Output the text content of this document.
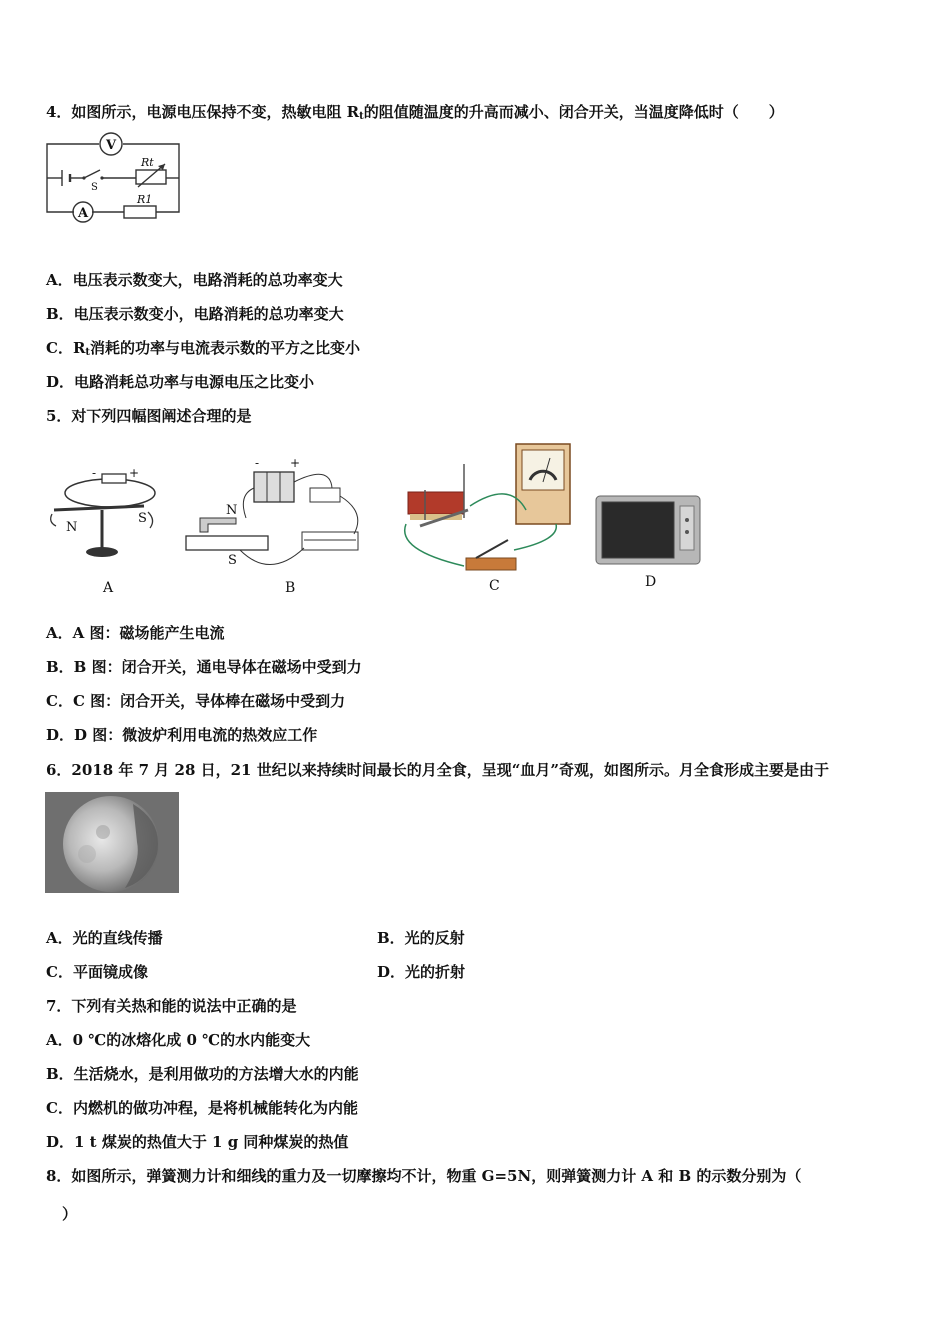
4．如图所示，电源电压保持不变，热敏电阻 $R_t$的阻值随温度的升高而减小、闭合开关，当温度降低时（　　）
V
A
Rt
R1
S
A．电压表示数变大，电路消耗的总功率变大
B．电压表示数变小，电路消耗的总功率变大
C．$R_t$消耗的功率与电流表示数的平方之比变小
D．电路消耗总功率与电源电压之比变小
5．对下列四幅图阐述合理的是
-	+
N
S
A
-	+
N
S
B	C	D
A．A 图：磁场能产生电流
B．B 图：闭合开关，通电导体在磁场中受到力
C．C 图：闭合开关，导体棒在磁场中受到力
D．D 图：微波炉利用电流的热效应工作
6．2018 年 7 月 28 日，21 世纪以来持续时间最长的月全食，呈现“血月”奇观，如图所示。月全食形成主要是由于
A．光的直线传播	B．光的反射
C．平面镜成像	D．光的折射
7．下列有关热和能的说法中正确的是
A．0 ℃的冰熔化成 0 ℃的水内能变大
B．生活烧水，是利用做功的方法增大水的内能
C．内燃机的做功冲程，是将机械能转化为内能
D．1 t 煤炭的热值大于 1 g 同种煤炭的热值
8．如图所示，弹簧测力计和细线的重力及一切摩擦均不计，物重 G=5N，则弹簧测力计 A 和 B 的示数分别为（
）
